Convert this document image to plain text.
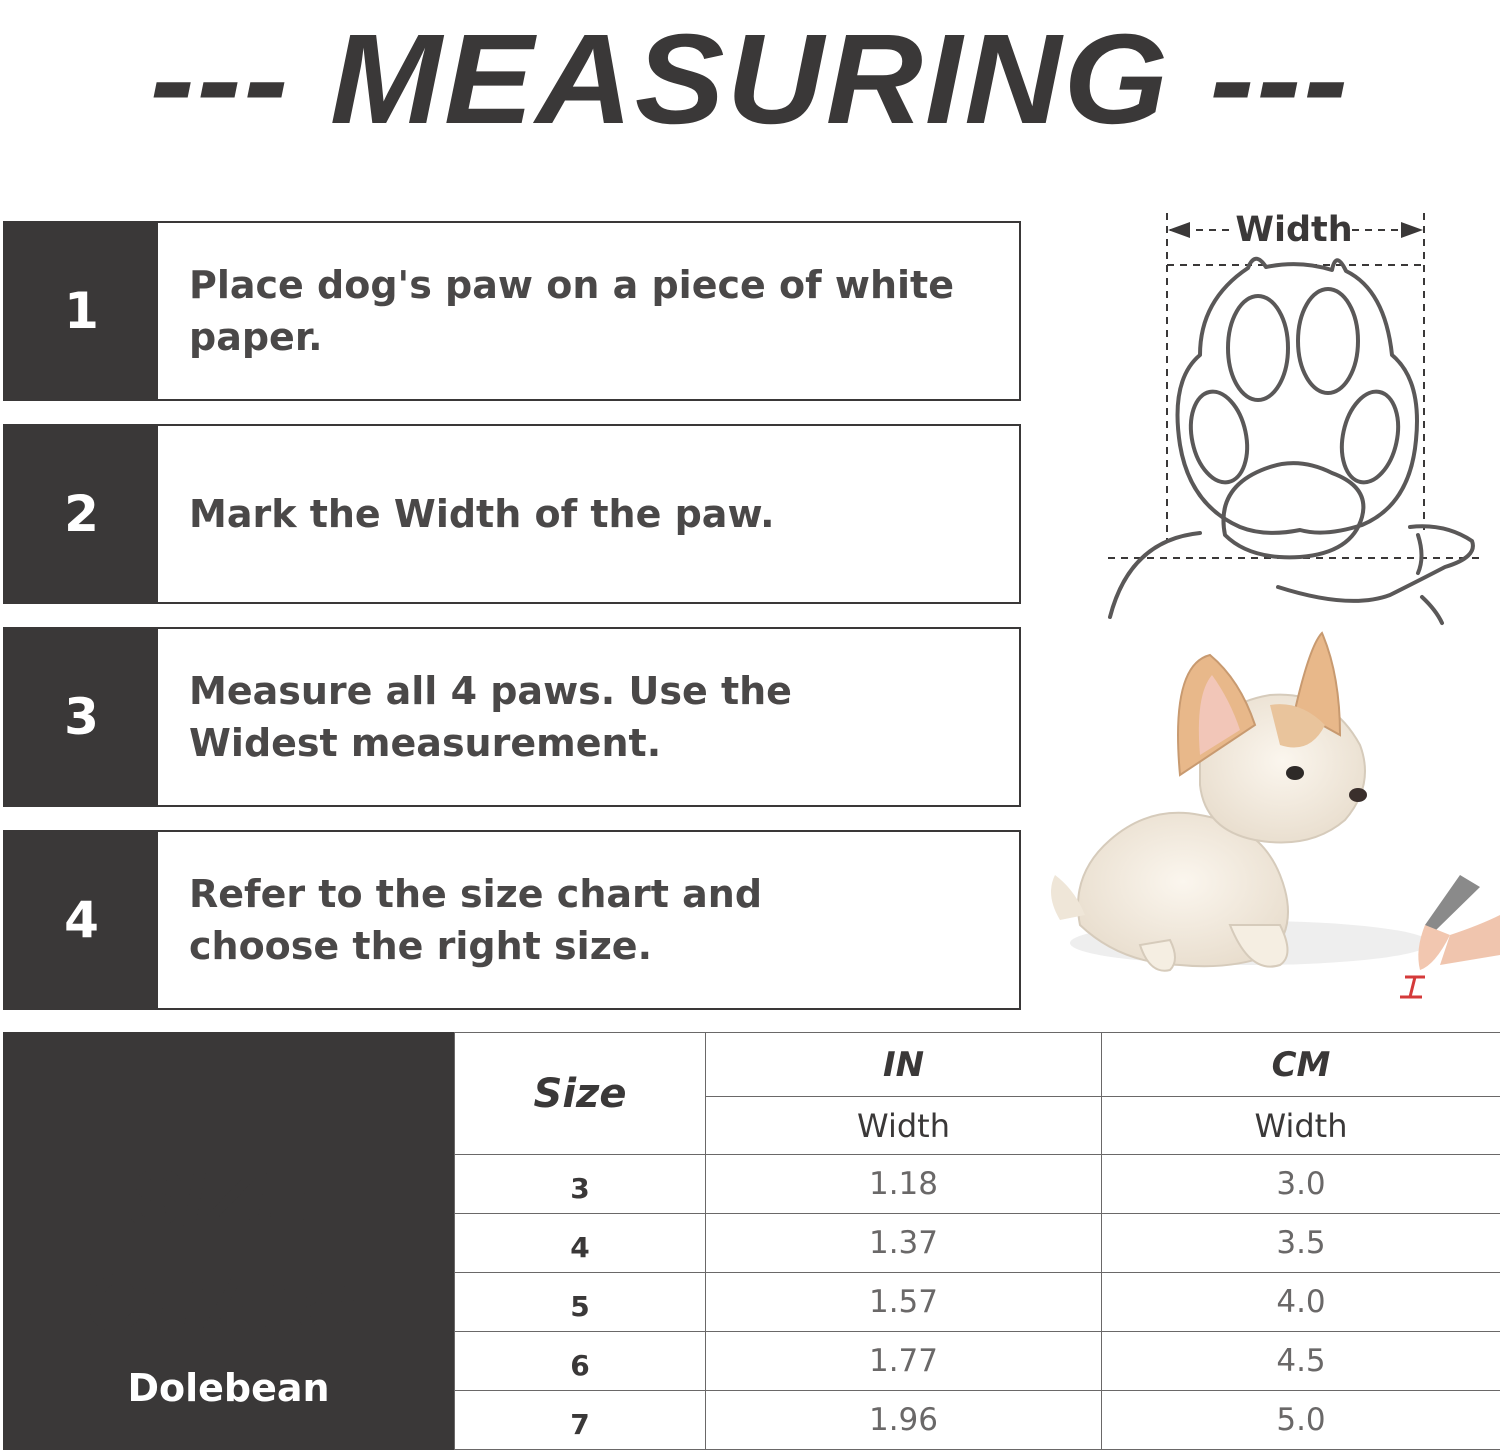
--- MEASURING ---
1	Place dog's paw on a piece of white paper.
2	Mark the Width of the paw.
3	Measure all 4 paws. Use the Widest measurement.
4	Refer to the size chart and choose the right size.
Width
SIZE
CHART
Dolebean
Size	IN	CM
	Width	Width
3	1.18	3.0
4	1.37	3.5
5	1.57	4.0
6	1.77	4.5
7	1.96	5.0
